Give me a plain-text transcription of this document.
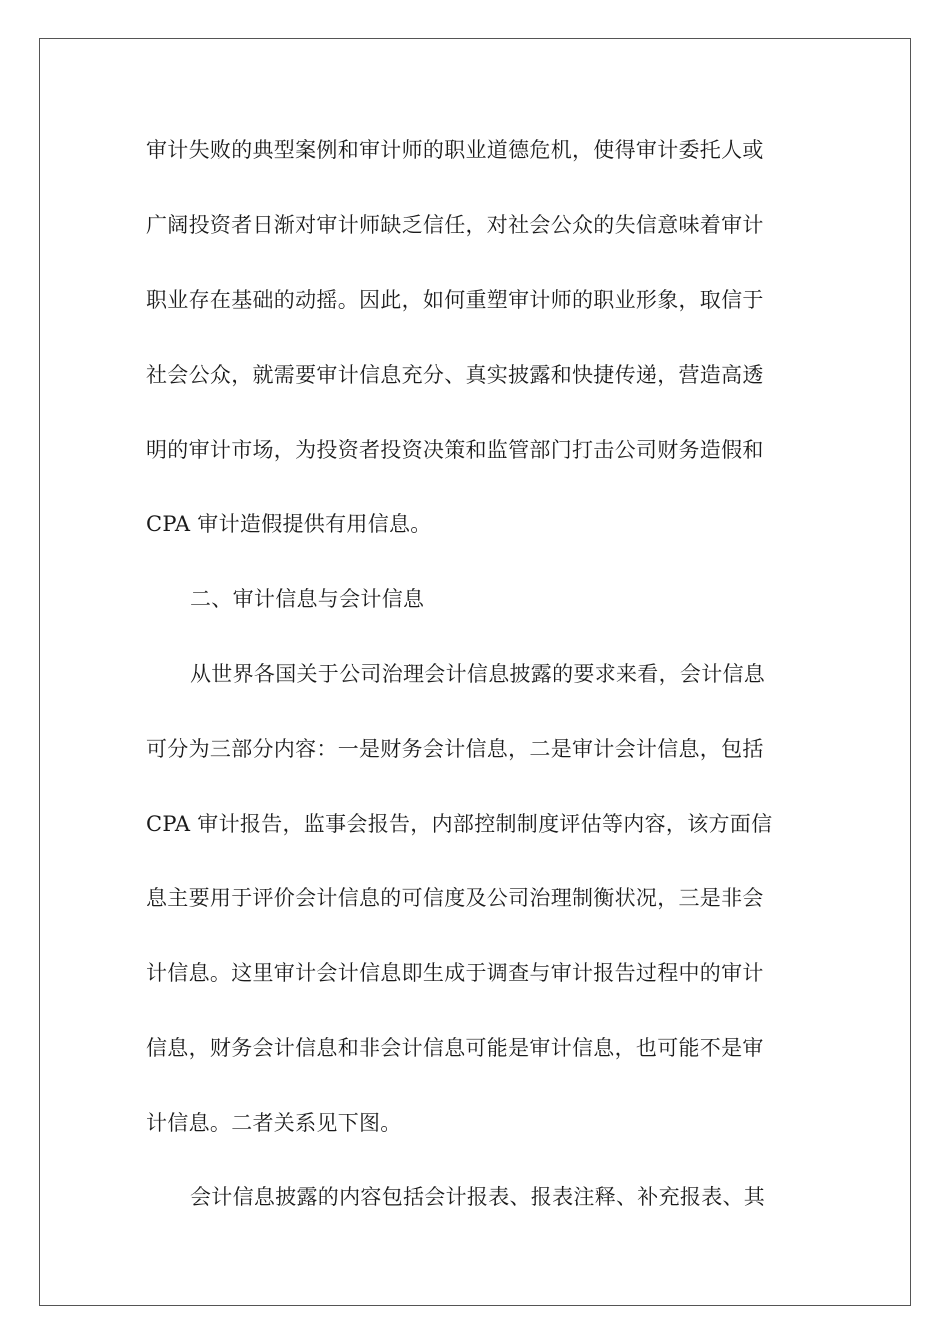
审计失败的典型案例和审计师的职业道德危机，使得审计委托人或
广阔投资者日渐对审计师缺乏信任，对社会公众的失信意味着审计
职业存在基础的动摇。因此，如何重塑审计师的职业形象，取信于
社会公众，就需要审计信息充分、真实披露和快捷传递，营造高透
明的审计市场，为投资者投资决策和监管部门打击公司财务造假和
CPA 审计造假提供有用信息。
二、审计信息与会计信息
从世界各国关于公司治理会计信息披露的要求来看，会计信息
可分为三部分内容：一是财务会计信息，二是审计会计信息，包括
CPA 审计报告，监事会报告，内部控制制度评估等内容，该方面信
息主要用于评价会计信息的可信度及公司治理制衡状况，三是非会
计信息。这里审计会计信息即生成于调查与审计报告过程中的审计
信息，财务会计信息和非会计信息可能是审计信息，也可能不是审
计信息。二者关系见下图。
会计信息披露的内容包括会计报表、报表注释、补充报表、其
